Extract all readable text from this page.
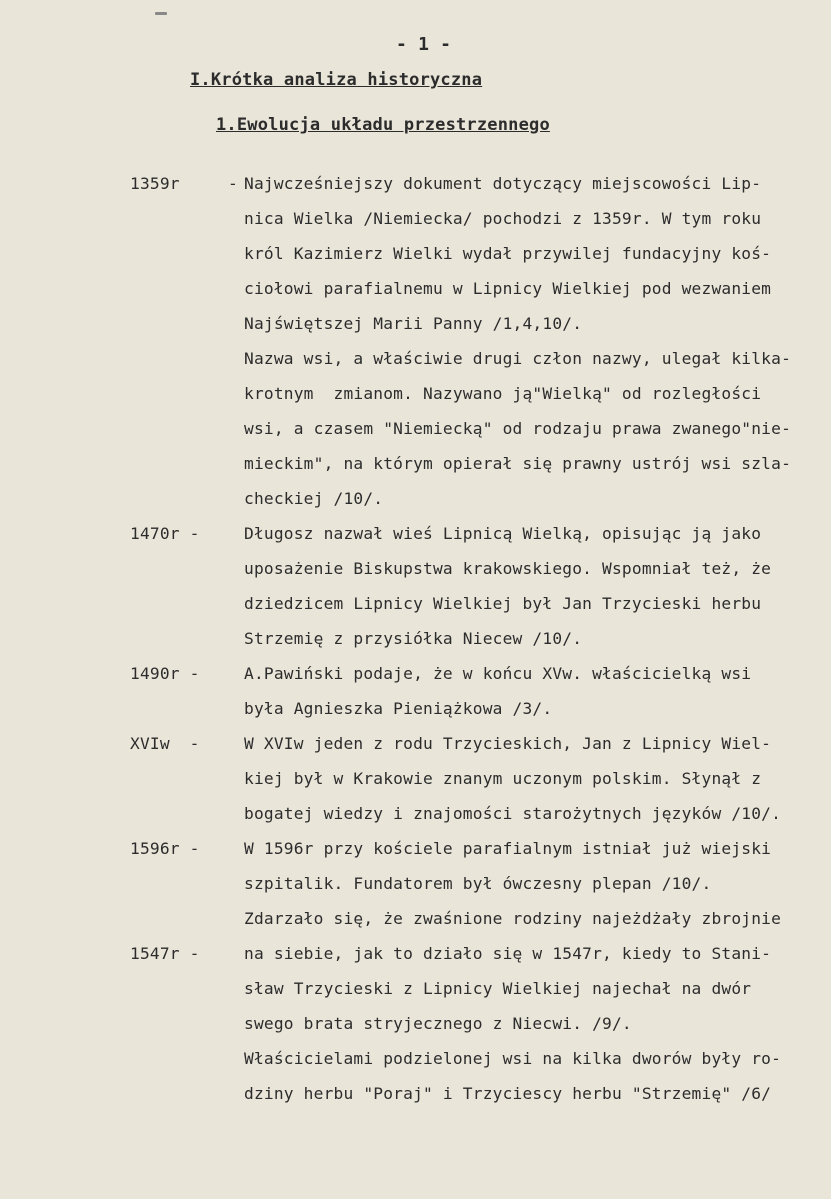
- 1 -
I.Krótka analiza historyczna
1.Ewolucja układu przestrzennego
1359r	- Najwcześniejszy dokument dotyczący miejscowości Lip-
nica Wielka /Niemiecka/ pochodzi z 1359r. W tym roku
król Kazimierz Wielki wydał przywilej fundacyjny koś-
ciołowi parafialnemu w Lipnicy Wielkiej pod wezwaniem
Najświętszej Marii Panny /1,4,10/.
Nazwa wsi, a właściwie drugi człon nazwy, ulegał kilka-
krotnym  zmianom. Nazywano ją"Wielką" od rozległości
wsi, a czasem "Niemiecką" od rodzaju prawa zwanego"nie-
mieckim", na którym opierał się prawny ustrój wsi szla-
checkiej /10/.
1470r -	Długosz nazwał wieś Lipnicą Wielką, opisując ją jako
uposażenie Biskupstwa krakowskiego. Wspomniał też, że
dziedzicem Lipnicy Wielkiej był Jan Trzycieski herbu
Strzemię z przysiółka Niecew /10/.
1490r -	A.Pawiński podaje, że w końcu XVw. właścicielką wsi
była Agnieszka Pieniążkowa /3/.
XVIw  -	W XVIw jeden z rodu Trzycieskich, Jan z Lipnicy Wiel-
kiej był w Krakowie znanym uczonym polskim. Słynął z
bogatej wiedzy i znajomości starożytnych języków /10/.
1596r -	W 1596r przy kościele parafialnym istniał już wiejski
szpitalik. Fundatorem był ówczesny plepan /10/.
Zdarzało się, że zwaśnione rodziny najeżdżały zbrojnie
1547r -	na siebie, jak to działo się w 1547r, kiedy to Stani-
sław Trzycieski z Lipnicy Wielkiej najechał na dwór
swego brata stryjecznego z Niecwi. /9/.
Właścicielami podzielonej wsi na kilka dworów były ro-
dziny herbu "Poraj" i Trzyciescy herbu "Strzemię" /6/
